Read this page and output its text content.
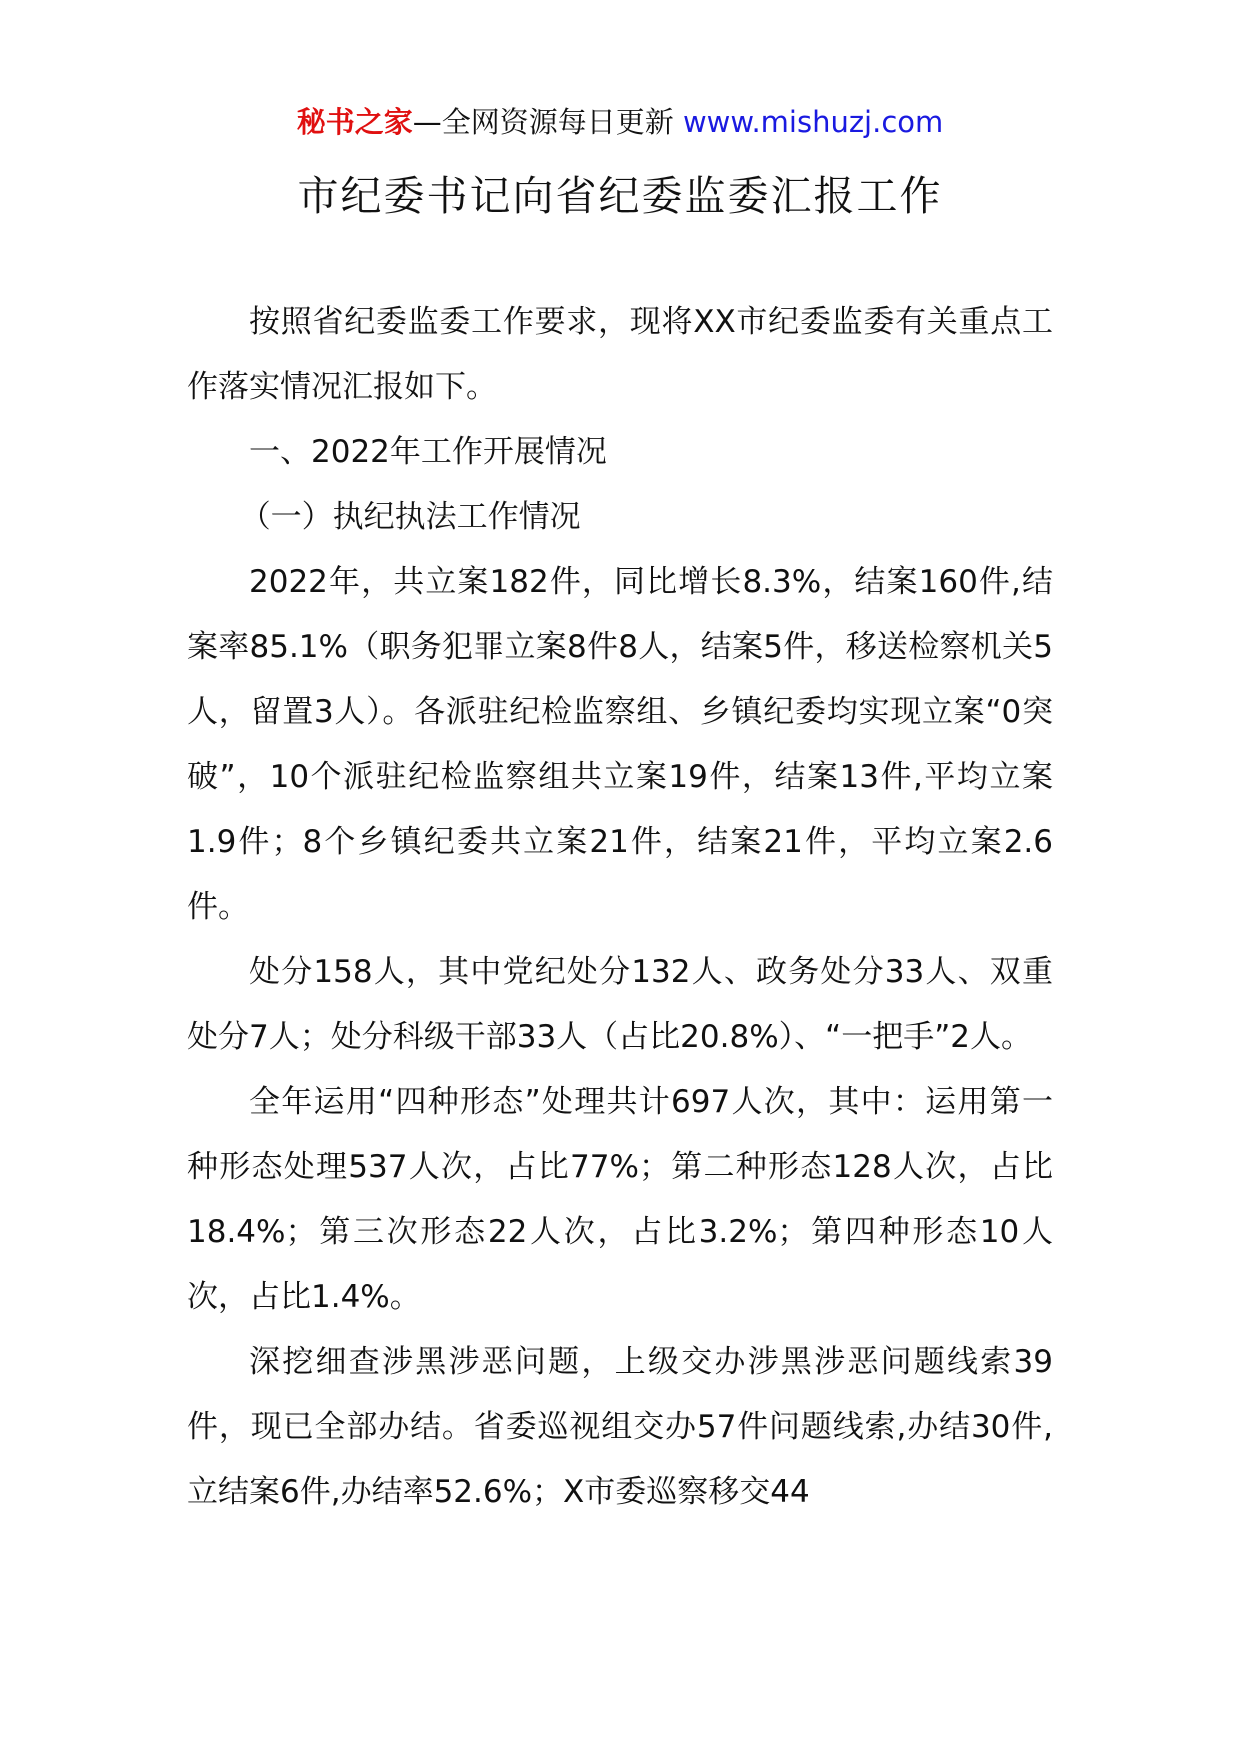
秘书之家—全网资源每日更新 www.mishuzj.com
市纪委书记向省纪委监委汇报工作

按照省纪委监委工作要求，现将XX市纪委监委有关重点工作落实情况汇报如下。

一、2022年工作开展情况

（一）执纪执法工作情况

2022年，共立案182件，同比增长8.3%，结案160件,结案率85.1%（职务犯罪立案8件8人，结案5件，移送检察机关5人，留置3人）。各派驻纪检监察组、乡镇纪委均实现立案“0突破”，10个派驻纪检监察组共立案19件，结案13件,平均立案1.9件；8个乡镇纪委共立案21件，结案21件，平均立案2.6件。

处分158人，其中党纪处分132人、政务处分33人、双重处分7人；处分科级干部33人（占比20.8%）、“一把手”2人。

全年运用“四种形态”处理共计697人次，其中：运用第一种形态处理537人次，占比77%；第二种形态128人次，占比18.4%；第三次形态22人次，占比3.2%；第四种形态10人次，占比1.4%。

深挖细查涉黑涉恶问题，上级交办涉黑涉恶问题线索39件，现已全部办结。省委巡视组交办57件问题线索,办结30件,立结案6件,办结率52.6%；X市委巡察移交44
